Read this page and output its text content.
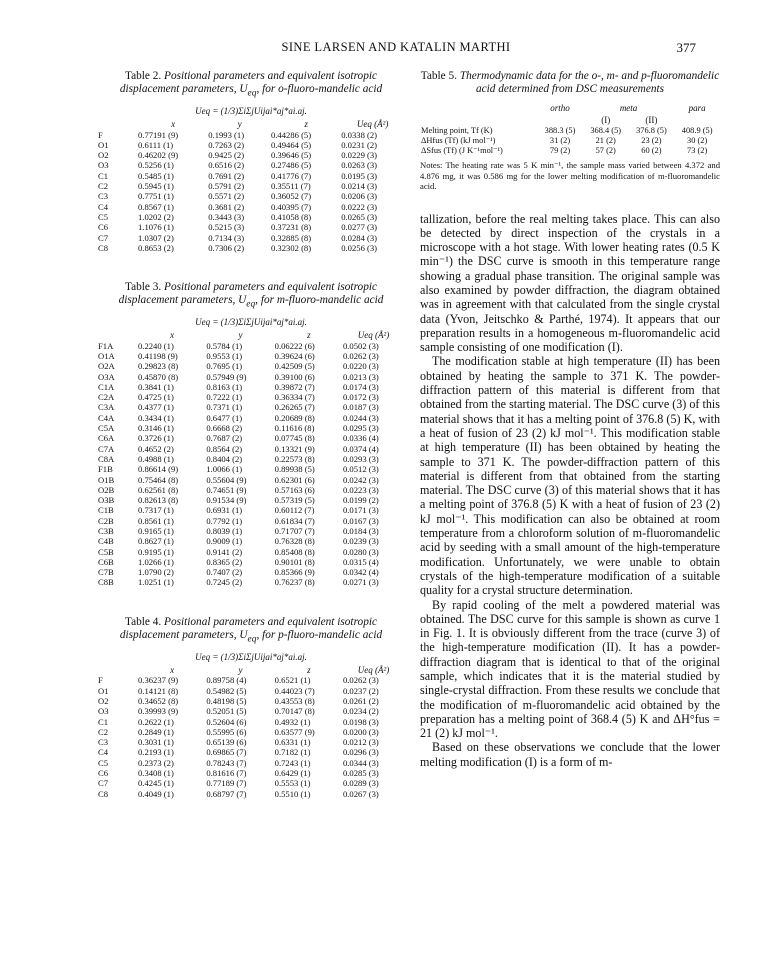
SINE LARSEN AND KATALIN MARTHI	377
Table 2. Positional parameters and equivalent isotropic displacement parameters, $U_{eq}$, for o-fluoro-mandelic acid
Ueq = (1/3)ΣiΣjUijai*aj*ai.aj.
	x	y	z	Ueq (Å²)
F	0.77191 (9)	0.1993 (1)	0.44286 (5)	0.0338 (2)
O1	0.6111 (1)	0.7263 (2)	0.49464 (5)	0.0231 (2)
O2	0.46202 (9)	0.9425 (2)	0.39646 (5)	0.0229 (3)
O3	0.5256 (1)	0.6516 (2)	0.27486 (5)	0.0263 (3)
C1	0.5485 (1)	0.7691 (2)	0.41776 (7)	0.0195 (3)
C2	0.5945 (1)	0.5791 (2)	0.35511 (7)	0.0214 (3)
C3	0.7751 (1)	0.5571 (2)	0.36052 (7)	0.0206 (3)
C4	0.8567 (1)	0.3681 (2)	0.40395 (7)	0.0222 (3)
C5	1.0202 (2)	0.3443 (3)	0.41058 (8)	0.0265 (3)
C6	1.1076 (1)	0.5215 (3)	0.37231 (8)	0.0277 (3)
C7	1.0307 (2)	0.7134 (3)	0.32885 (8)	0.0284 (3)
C8	0.8653 (2)	0.7306 (2)	0.32302 (8)	0.0256 (3)
Table 3. Positional parameters and equivalent isotropic displacement parameters, $U_{eq}$, for m-fluoro-mandelic acid
Ueq = (1/3)ΣiΣjUijai*aj*ai.aj.
	x	y	z	Ueq (Å²)
F1A	0.2240 (1)	0.5784 (1)	0.06222 (6)	0.0502 (3)
O1A	0.41198 (9)	0.9553 (1)	0.39624 (6)	0.0262 (3)
O2A	0.29823 (8)	0.7695 (1)	0.42509 (5)	0.0220 (3)
O3A	0.45870 (8)	0.57949 (9)	0.39100 (6)	0.0213 (3)
C1A	0.3841 (1)	0.8163 (1)	0.39872 (7)	0.0174 (3)
C2A	0.4725 (1)	0.7222 (1)	0.36334 (7)	0.0172 (3)
C3A	0.4377 (1)	0.7371 (1)	0.26265 (7)	0.0187 (3)
C4A	0.3434 (1)	0.6477 (1)	0.20689 (8)	0.0244 (3)
C5A	0.3146 (1)	0.6668 (2)	0.11616 (8)	0.0295 (3)
C6A	0.3726 (1)	0.7687 (2)	0.07745 (8)	0.0336 (4)
C7A	0.4652 (2)	0.8564 (2)	0.13321 (9)	0.0374 (4)
C8A	0.4988 (1)	0.8404 (2)	0.22573 (8)	0.0293 (3)
F1B	0.86614 (9)	1.0066 (1)	0.89938 (5)	0.0512 (3)
O1B	0.75464 (8)	0.55604 (9)	0.62301 (6)	0.0242 (3)
O2B	0.62561 (8)	0.74651 (9)	0.57163 (6)	0.0223 (3)
O3B	0.82613 (8)	0.91534 (9)	0.57319 (5)	0.0199 (2)
C1B	0.7317 (1)	0.6931 (1)	0.60112 (7)	0.0171 (3)
C2B	0.8561 (1)	0.7792 (1)	0.61834 (7)	0.0167 (3)
C3B	0.9165 (1)	0.8039 (1)	0.71707 (7)	0.0184 (3)
C4B	0.8627 (1)	0.9009 (1)	0.76328 (8)	0.0239 (3)
C5B	0.9195 (1)	0.9141 (2)	0.85408 (8)	0.0280 (3)
C6B	1.0266 (1)	0.8365 (2)	0.90101 (8)	0.0315 (4)
C7B	1.0790 (2)	0.7407 (2)	0.85366 (9)	0.0342 (4)
C8B	1.0251 (1)	0.7245 (2)	0.76237 (8)	0.0271 (3)
Table 4. Positional parameters and equivalent isotropic displacement parameters, $U_{eq}$, for p-fluoro-mandelic acid
Ueq = (1/3)ΣiΣjUijai*aj*ai.aj.
	x	y	z	Ueq (Å²)
F	0.36237 (9)	0.89758 (4)	0.6521 (1)	0.0262 (3)
O1	0.14121 (8)	0.54982 (5)	0.44023 (7)	0.0237 (2)
O2	0.34652 (8)	0.48198 (5)	0.43553 (8)	0.0261 (2)
O3	0.39993 (9)	0.52051 (5)	0.70147 (8)	0.0234 (2)
C1	0.2622 (1)	0.52604 (6)	0.4932 (1)	0.0198 (3)
C2	0.2849 (1)	0.55995 (6)	0.63577 (9)	0.0200 (3)
C3	0.3031 (1)	0.65139 (6)	0.6331 (1)	0.0212 (3)
C4	0.2193 (1)	0.69865 (7)	0.7182 (1)	0.0296 (3)
C5	0.2373 (2)	0.78243 (7)	0.7243 (1)	0.0344 (3)
C6	0.3408 (1)	0.81616 (7)	0.6429 (1)	0.0285 (3)
C7	0.4245 (1)	0.77189 (7)	0.5553 (1)	0.0289 (3)
C8	0.4049 (1)	0.68797 (7)	0.5510 (1)	0.0267 (3)
Table 5. Thermodynamic data for the o-, m- and p-fluoromandelic acid determined from DSC measurements
	ortho	meta		para
		(I)	(II)	
Melting point, Tf (K)	388.3 (5)	368.4 (5)	376.8 (5)	408.9 (5)
ΔHfus (Tf) (kJ mol⁻¹)	31 (2)	21 (2)	23 (2)	30 (2)
ΔSfus (Tf) (J K⁻¹mol⁻¹)	79 (2)	57 (2)	60 (2)	73 (2)
Notes: The heating rate was 5 K min⁻¹, the sample mass varied between 4.372 and 4.876 mg, it was 0.586 mg for the lower melting modification of m-fluoromandelic acid.

tallization, before the real melting takes place. This can also be detected by direct inspection of the crystals in a microscope with a hot stage. With lower heating rates (0.5 K min⁻¹) the DSC curve is smooth in this temperature range showing a gradual phase transition. The original sample was also examined by powder diffraction, the diagram obtained was in agreement with that calculated from the single crystal data (Yvon, Jeitschko & Parthé, 1974). It appears that our preparation results in a homogeneous m-fluoromandelic acid sample consisting of one modification (I).

The modification stable at high temperature (II) has been obtained by heating the sample to 371 K. The powder-diffraction pattern of this material is different from that obtained from the starting material. The DSC curve (3) of this material shows that it has a melting point of 376.8 (5) K, with a heat of fusion of 23 (2) kJ mol⁻¹. This modification stable at high temperature (II) has been obtained by heating the sample to 371 K. The powder-diffraction pattern of this material is different from that obtained from the starting material. The DSC curve (3) of this material shows that it has a melting point of 376.8 (5) K with a heat of fusion of 23 (2) kJ mol⁻¹. This modification can also be obtained at room temperature from a chloroform solution of m-fluoromandelic acid by seeding with a small amount of the high-temperature modification. Unfortunately, we were unable to obtain crystals of the high-temperature modification of a suitable quality for a crystal structure determination.

By rapid cooling of the melt a powdered material was obtained. The DSC curve for this sample is shown as curve 1 in Fig. 1. It is obviously different from the trace (curve 3) of the high-temperature modification (II). It has a powder-diffraction diagram that is identical to that of the original sample, which indicates that it is the material studied by single-crystal diffraction. From these results we conclude that the modification of m-fluoromandelic acid obtained by the preparation has a melting point of 368.4 (5) K and ΔH°fus = 21 (2) kJ mol⁻¹.

Based on these observations we conclude that the lower melting modification (I) is a form of m-
